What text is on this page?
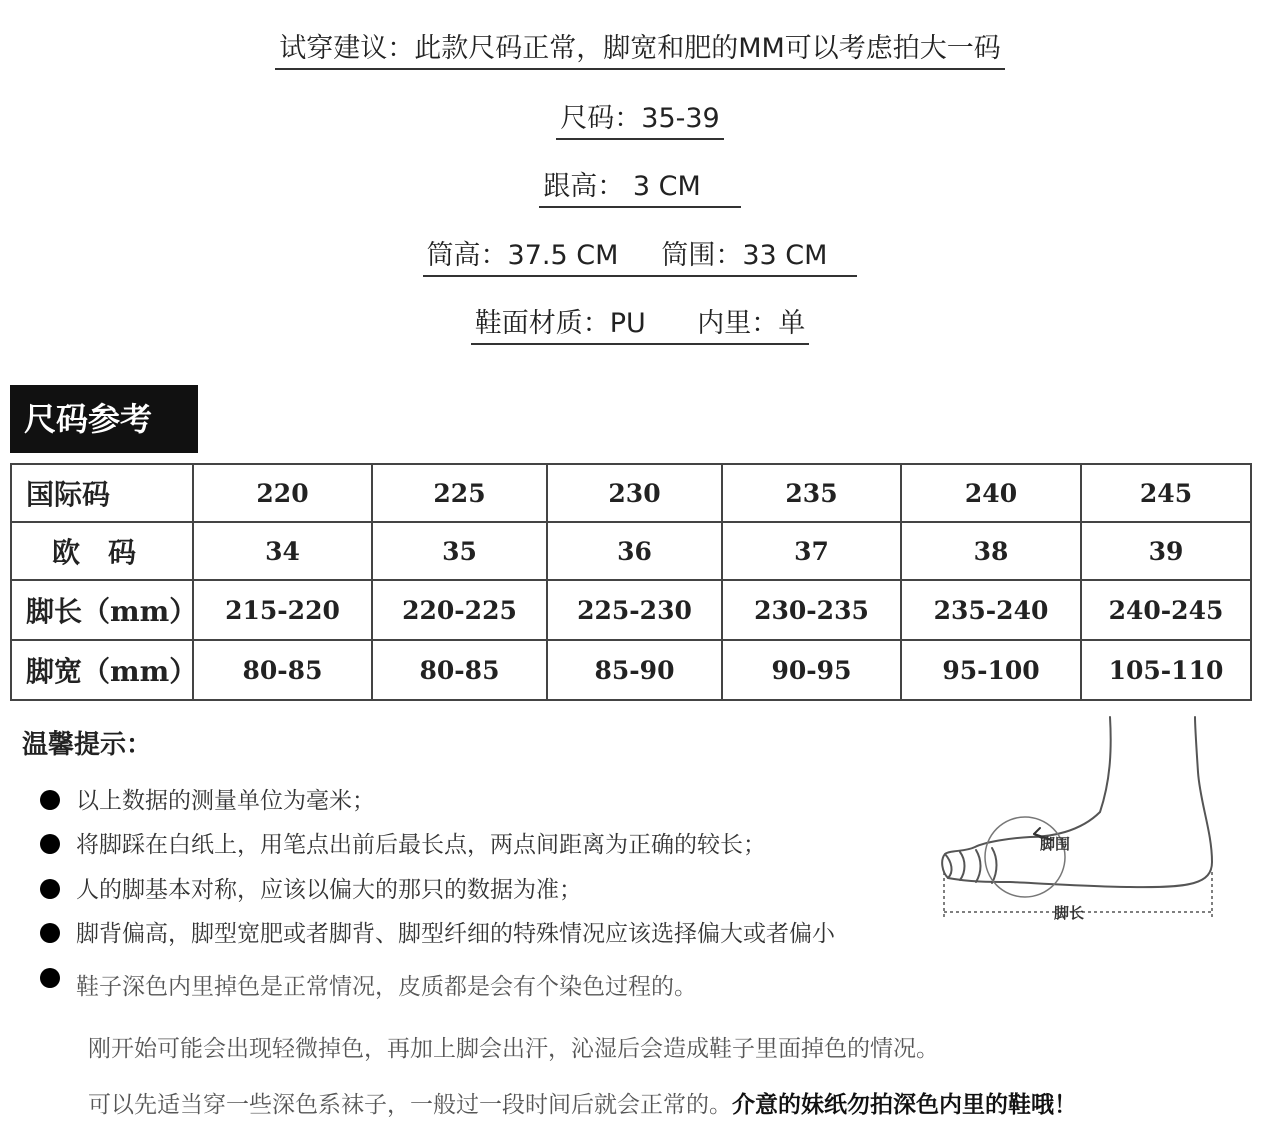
试穿建议：此款尺码正常，脚宽和肥的MM可以考虑拍大一码
尺码：35-39
跟高： 3 CM
筒高：37.5 CM 筒围：33 CM
鞋面材质：PU 内里：单
尺码参考
国际码	220	225	230	235	240	245
欧　码	34	35	36	37	38	39
脚长（mm）	215-220	220-225	225-230	230-235	235-240	240-245
脚宽（mm）	80-85	80-85	85-90	90-95	95-100	105-110
温馨提示：
以上数据的测量单位为毫米；
将脚踩在白纸上，用笔点出前后最长点，两点间距离为正确的较长；
人的脚基本对称，应该以偏大的那只的数据为准；
脚背偏高，脚型宽肥或者脚背、脚型纤细的特殊情况应该选择偏大或者偏小
鞋子深色内里掉色是正常情况，皮质都是会有个染色过程的。
刚开始可能会出现轻微掉色，再加上脚会出汗，沁湿后会造成鞋子里面掉色的情况。
可以先适当穿一些深色系袜子，一般过一段时间后就会正常的。介意的妹纸勿拍深色内里的鞋哦！
脚围
脚长
